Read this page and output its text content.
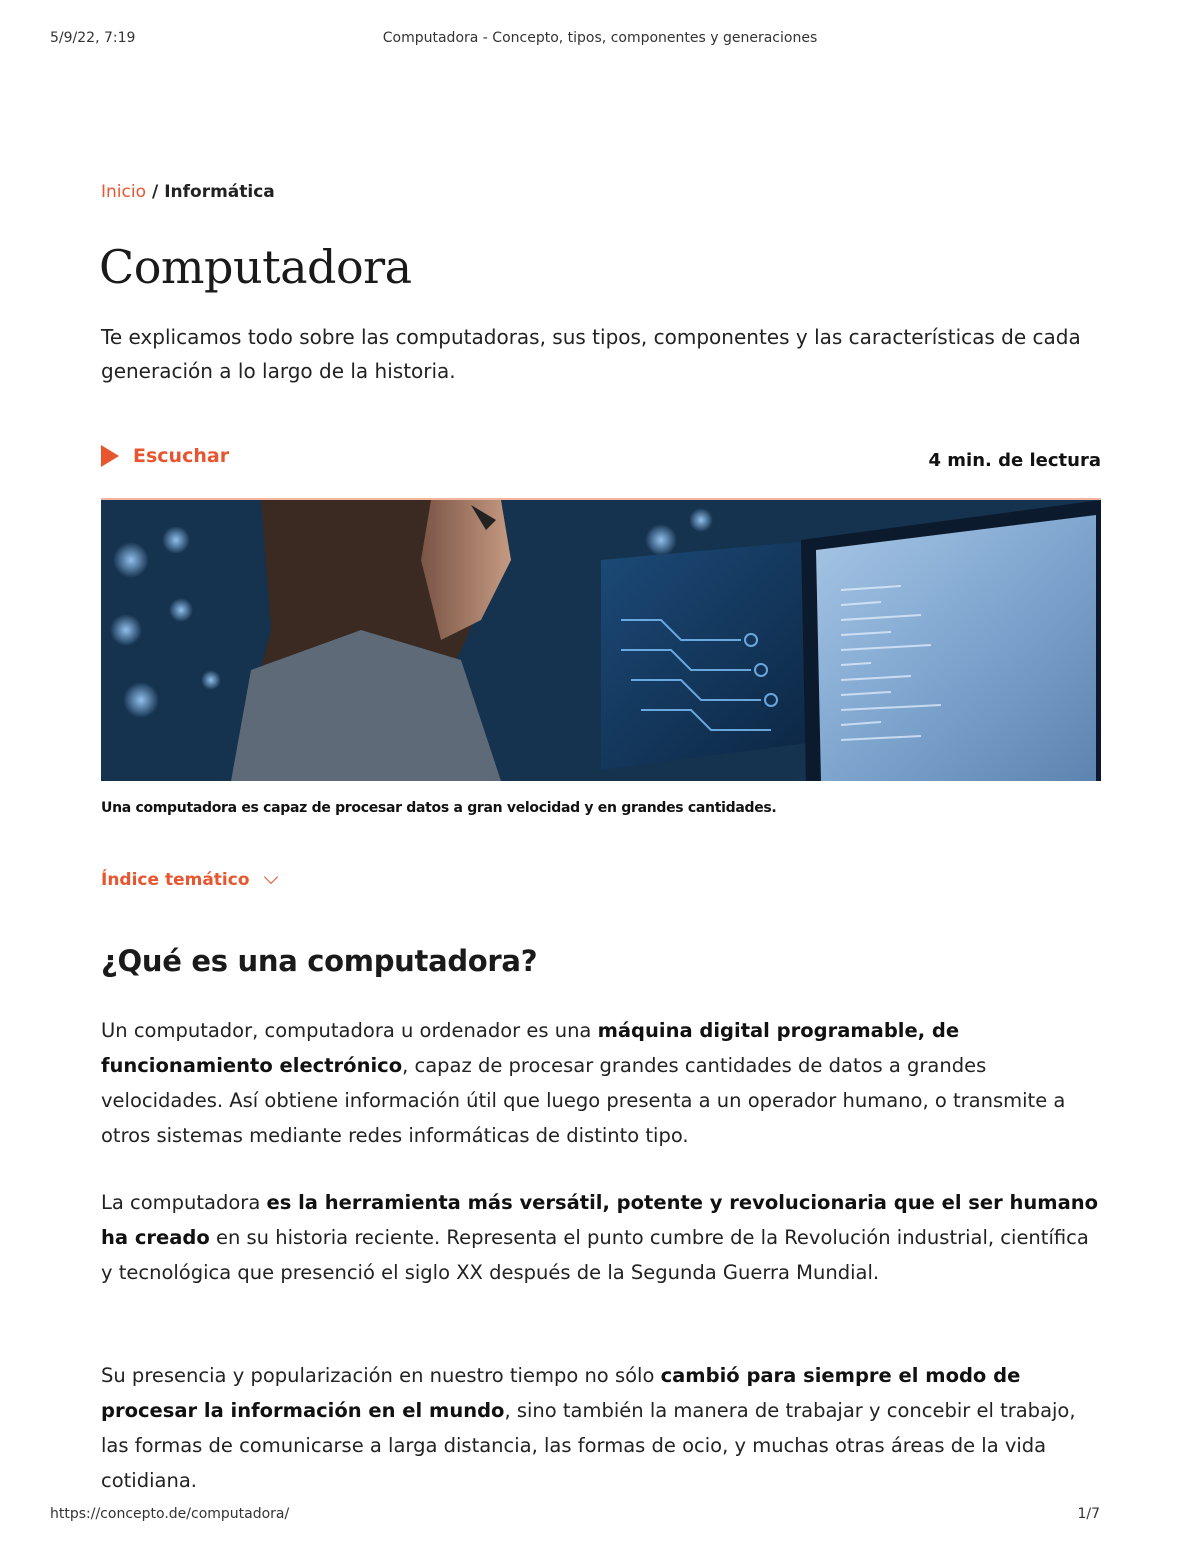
5/9/22, 7:19	Computadora - Concepto, tipos, componentes y generaciones
Inicio / Informática
Computadora

Te explicamos todo sobre las computadoras, sus tipos, componentes y las características de cada generación a lo largo de la historia.

Escuchar	4 min. de lectura
Una computadora es capaz de procesar datos a gran velocidad y en grandes cantidades.
Índice temático
¿Qué es una computadora?

Un computador, computadora u ordenador es una máquina digital programable, de funcionamiento electrónico, capaz de procesar grandes cantidades de datos a grandes velocidades. Así obtiene información útil que luego presenta a un operador humano, o transmite a otros sistemas mediante redes informáticas de distinto tipo.

La computadora es la herramienta más versátil, potente y revolucionaria que el ser humano ha creado en su historia reciente. Representa el punto cumbre de la Revolución industrial, científica y tecnológica que presenció el siglo XX después de la Segunda Guerra Mundial.

Su presencia y popularización en nuestro tiempo no sólo cambió para siempre el modo de procesar la información en el mundo, sino también la manera de trabajar y concebir el trabajo, las formas de comunicarse a larga distancia, las formas de ocio, y muchas otras áreas de la vida cotidiana.

https://concepto.de/computadora/	1/7
